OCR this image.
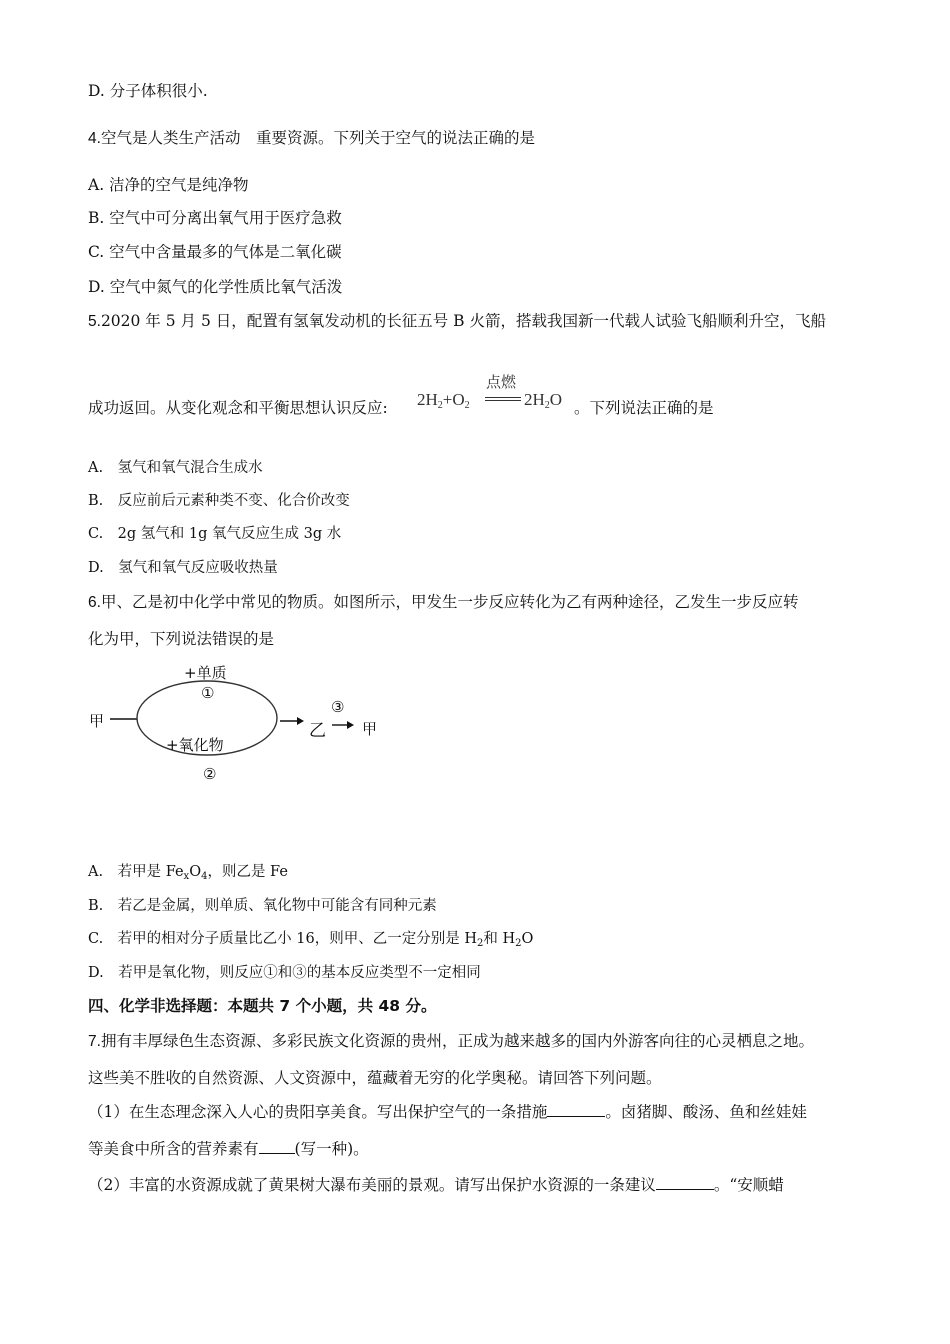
D. 分子体积很小.
4.空气是人类生产活动　重要资源。下列关于空气的说法正确的是
A. 洁净的空气是纯净物
B. 空气中可分离出氧气用于医疗急救
C. 空气中含量最多的气体是二氧化碳
D. 空气中氮气的化学性质比氧气活泼
5.2020 年 5 月 5 日，配置有氢氧发动机的长征五号 B 火箭，搭载我国新一代载人试验飞船顺利升空，飞船
成功返回。从变化观念和平衡思想认识反应: $2H_2+O_2$
点燃
$2H_2O$ 。下列说法正确的是
A.　氢气和氧气混合生成水
B.　反应前后元素种类不变、化合价改变
C.　2g 氢气和 1g 氧气反应生成 3g 水
D.　氢气和氧气反应吸收热量
6.甲、乙是初中化学中常见的物质。如图所示，甲发生一步反应转化为乙有两种途径，乙发生一步反应转
化为甲，下列说法错误的是
甲
+单质
①
+氧化物
②
乙
③
甲
A.　若甲是 $Fe_xO_4$，则乙是 Fe
B.　若乙是金属，则单质、氧化物中可能含有同种元素
C.　若甲的相对分子质量比乙小 16，则甲、乙一定分别是 $H_2$和 $H_2O$
D.　若甲是氧化物，则反应①和③的基本反应类型不一定相同
四、化学非选择题：本题共 7 个小题，共 48 分。
7.拥有丰厚绿色生态资源、多彩民族文化资源的贵州，正成为越来越多的国内外游客向往的心灵栖息之地。
这些美不胜收的自然资源、人文资源中，蕴藏着无穷的化学奥秘。请回答下列问题。
（1）在生态理念深入人心的贵阳享美食。写出保护空气的一条措施	。卤猪脚、酸汤、鱼和丝娃娃
等美食中所含的营养素有 (写一种)。
（2）丰富的水资源成就了黄果树大瀑布美丽的景观。请写出保护水资源的一条建议	。“安顺蜡
